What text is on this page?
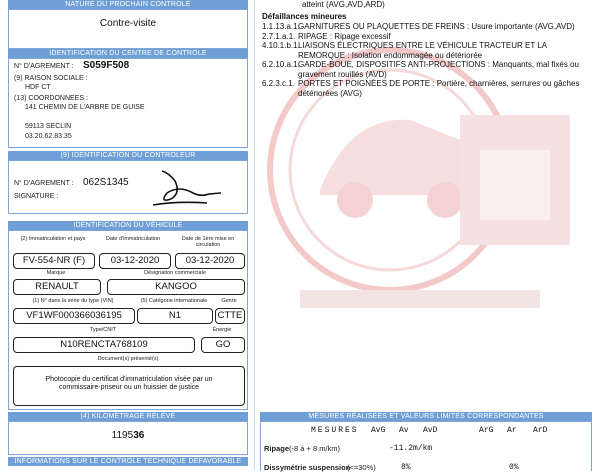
NATURE DU PROCHAIN CONTROLE
Contre-visite
IDENTIFICATION DU CENTRE DE CONTROLE
N° D'AGREMENT : S059F508
(9) RAISON SOCIALE :
HDF CT
(13) COORDONNEES :
141 CHEMIN DE L'ARBRE DE GUISE
59113 SECLIN
03.20.62.83.35
(9) IDENTIFICATION DU CONTROLEUR
N° D'AGREMENT : 062S1345
SIGNATURE :
IDENTIFICATION DU VÉHICULE
(2) Immatriculation et pays	Date d'immatriculation	Date de 1ère mise en circulation
FV-554-NR (F)	03-12-2020	03-12-2020
Marque	Désignation commerciale
RENAULT	KANGOO
(1) N° dans la série du type (VIN)	(5) Catégorie internationale	Genre
VF1WF000366036195	N1	CTTE
Type/CNIT	Énergie
N10RENCTA768109	GO
Document(s) présenté(s)
Photocopie du certificat d'immatriculation visée par un
commissaire-priseur ou un huissier de justice
(4) KILOMÉTRAGE RELEVÉ
119536
INFORMATIONS SUR LE CONTROLE TECHNIQUE DÉFAVORABLE
atteint (AVG,AVD,ARD)
Défaillances mineures
1.1.13.a.1.GARNITURES OU PLAQUETTES DE FREINS : Usure importante (AVG,AVD)
2.7.1.a.1. RIPAGE : Ripage excessif
4.10.1.b.1.LIAISONS ÉLECTRIQUES ENTRE LE VÉHICULE TRACTEUR ET LA
REMORQUE : Isolation endommagée ou détériorée
6.2.10.a.1.GARDE-BOUE, DISPOSITIFS ANTI-PROJECTIONS : Manquants, mal fixés ou
gravement rouillés (AVD)
6.2.3.c.1. PORTES ET POIGNÉES DE PORTE : Portière, charnières, serrures ou gâches
détériorées (AVG)
MESURES RÉALISÉES ET VALEURS LIMITES CORRESPONDANTES
MESURES AvG Av AvD	ArG Ar ArD
Ripage (-8 à + 8 m/km)	-11.2m/km
Dissymétrie suspension
(<=30%)	8%	0%
